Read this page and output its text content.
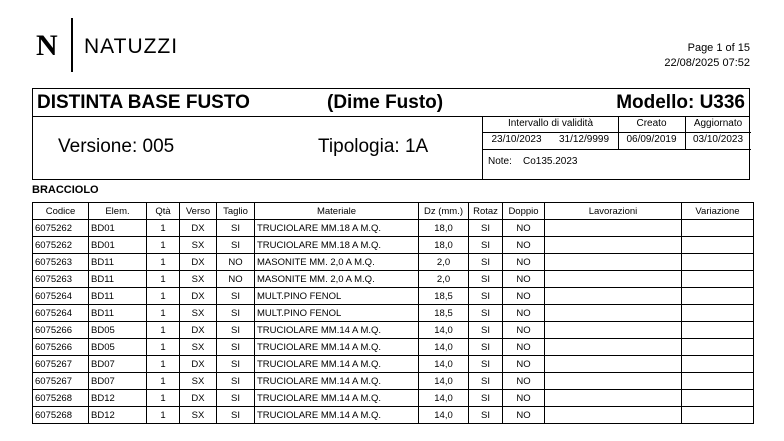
N NATUZZI	Page 1 of 15
22/08/2025 07:52
DISTINTA BASE FUSTO	(Dime Fusto)	Modello: U336
Versione: 005	Tipologia: 1A
Intervallo di validità	Creato	Aggiornato
23/10/2023	31/12/9999	06/09/2019	03/10/2023
Note: Co135.2023
BRACCIOLO
Codice	Elem.	Qtà	Verso	Taglio	Materiale	Dz (mm.)	Rotaz	Doppio	Lavorazioni	Variazione
6075262	BD01	1	DX	SI	TRUCIOLARE MM.18 A M.Q.	18,0	SI	NO		
6075262	BD01	1	SX	SI	TRUCIOLARE MM.18 A M.Q.	18,0	SI	NO		
6075263	BD11	1	DX	NO	MASONITE MM. 2,0 A M.Q.	2,0	SI	NO		
6075263	BD11	1	SX	NO	MASONITE MM. 2,0 A M.Q.	2,0	SI	NO		
6075264	BD11	1	DX	SI	MULT.PINO FENOL	18,5	SI	NO		
6075264	BD11	1	SX	SI	MULT.PINO FENOL	18,5	SI	NO		
6075266	BD05	1	DX	SI	TRUCIOLARE MM.14 A M.Q.	14,0	SI	NO		
6075266	BD05	1	SX	SI	TRUCIOLARE MM.14 A M.Q.	14,0	SI	NO		
6075267	BD07	1	DX	SI	TRUCIOLARE MM.14 A M.Q.	14,0	SI	NO		
6075267	BD07	1	SX	SI	TRUCIOLARE MM.14 A M.Q.	14,0	SI	NO		
6075268	BD12	1	DX	SI	TRUCIOLARE MM.14 A M.Q.	14,0	SI	NO		
6075268	BD12	1	SX	SI	TRUCIOLARE MM.14 A M.Q.	14,0	SI	NO		
